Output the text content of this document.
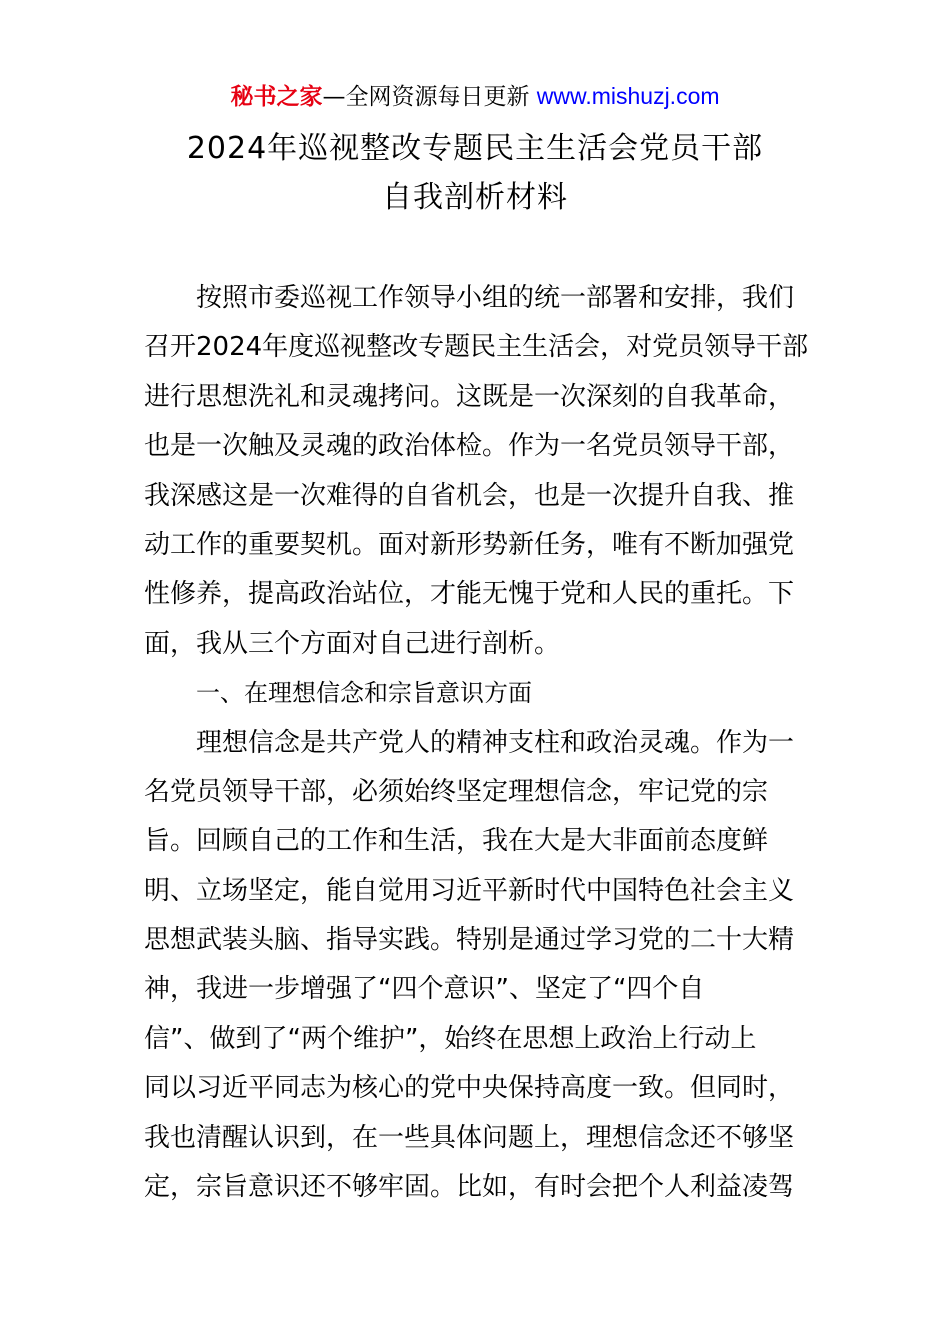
秘书之家—全网资源每日更新 www.mishuzj.com
2024年巡视整改专题民主生活会党员干部
自我剖析材料
按照市委巡视工作领导小组的统一部署和安排，我们
召开2024年度巡视整改专题民主生活会，对党员领导干部
进行思想洗礼和灵魂拷问。这既是一次深刻的自我革命，
也是一次触及灵魂的政治体检。作为一名党员领导干部，
我深感这是一次难得的自省机会，也是一次提升自我、推
动工作的重要契机。面对新形势新任务，唯有不断加强党
性修养，提高政治站位，才能无愧于党和人民的重托。下
面，我从三个方面对自己进行剖析。
一、在理想信念和宗旨意识方面
理想信念是共产党人的精神支柱和政治灵魂。作为一
名党员领导干部，必须始终坚定理想信念，牢记党的宗
旨。回顾自己的工作和生活，我在大是大非面前态度鲜
明、立场坚定，能自觉用习近平新时代中国特色社会主义
思想武装头脑、指导实践。特别是通过学习党的二十大精
神，我进一步增强了“四个意识”、坚定了“四个自
信”、做到了“两个维护”，始终在思想上政治上行动上
同以习近平同志为核心的党中央保持高度一致。但同时，
我也清醒认识到，在一些具体问题上，理想信念还不够坚
定，宗旨意识还不够牢固。比如，有时会把个人利益凌驾
